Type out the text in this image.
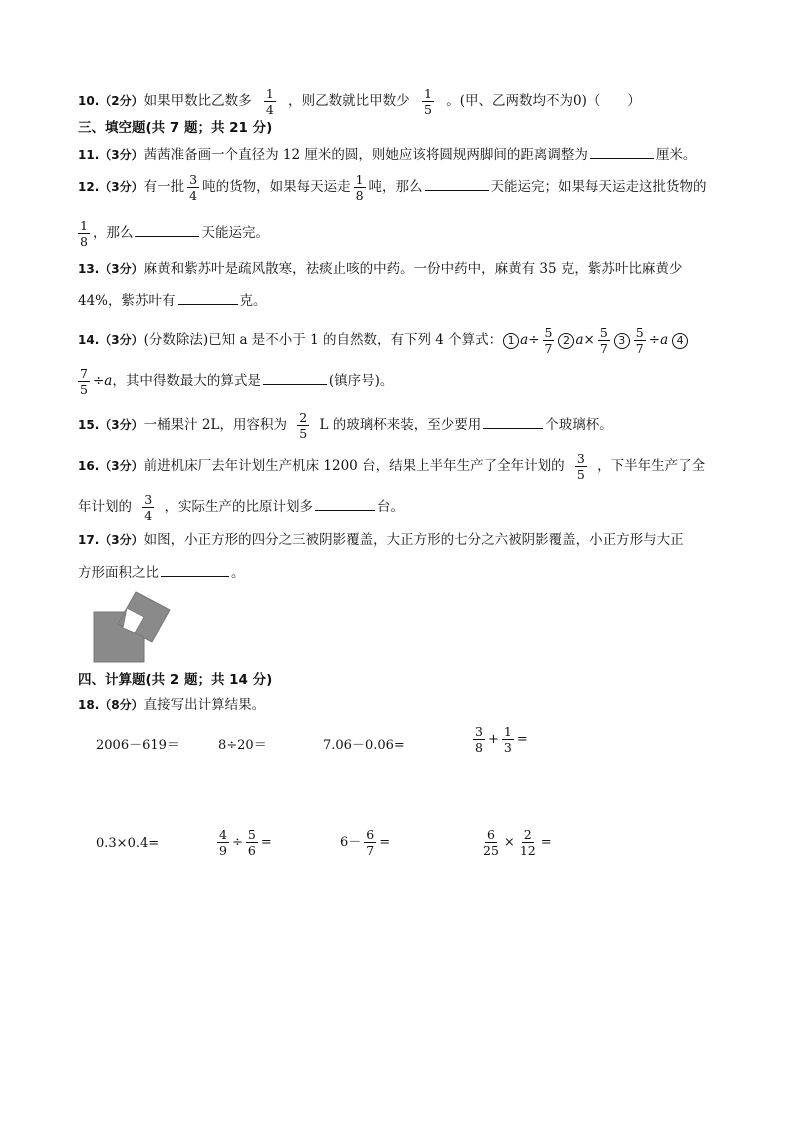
10.（2分）如果甲数比乙数多 $\frac{1}{4}$ ，则乙数就比甲数少 $\frac{1}{5}$ 。(甲、乙两数均不为0)（　　）
三、填空题(共 7 题；共 21 分)
11.（3分）茜茜准备画一个直径为 12 厘米的圆，则她应该将圆规两脚间的距离调整为	厘米。
12.（3分）有一批 $\frac{3}{4}$ 吨的货物，如果每天运走 $\frac{1}{8}$ 吨，那么	天能运完；如果每天运走这批货物的
$\frac{1}{8}$ ，那么	天能运完。
13.（3分）麻黄和紫苏叶是疏风散寒，祛痰止咳的中药。一份中药中，麻黄有 35 克，紫苏叶比麻黄少
44%，紫苏叶有	克。
14.（3分）(分数除法)已知 a 是不小于 1 的自然数，有下列 4 个算式： 1 $a\div \frac{5}{7} 2$ $a\times \frac{5}{7} 3 \frac{5}{7} \div a$ 4
$\frac{7}{5} \div a$，其中得数最大的算式是	(镇序号)。
15.（3分）一桶果汁 2L，用容积为 $\frac{2}{5}$ L 的玻璃杯来装，至少要用	个玻璃杯。
16.（3分）前进机床厂去年计划生产机床 1200 台，结果上半年生产了全年计划的 $\frac{3}{5}$ ，下半年生产了全
年计划的 $\frac{3}{4}$ ，实际生产的比原计划多	台。
17.（3分）如图，小正方形的四分之三被阴影覆盖，大正方形的七分之六被阴影覆盖，小正方形与大正
方形面积之比	。
四、计算题(共 2 题；共 14 分)
18.（8分）直接写出计算结果。
2006－619＝	8÷20＝	7.06－0.06=	$\frac{3}{8} + \frac{1}{3}$ =
0.3×0.4=	$\frac{4}{9} \div \frac{5}{6}$ =	$6- \frac{6}{7}$ =	$\frac{6}{25} \times \frac{2}{12}$ =
